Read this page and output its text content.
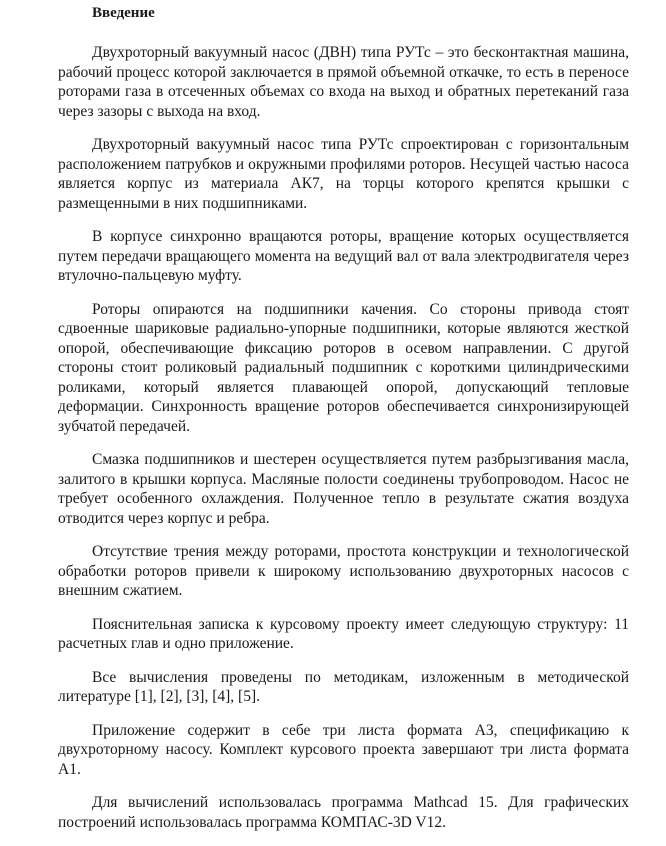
Введение

Двухроторный вакуумный насос (ДВН) типа РУТс – это бесконтактная машина, рабочий процесс которой заключается в прямой объемной откачке, то есть в переносе роторами газа в отсеченных объемах со входа на выход и обратных перетеканий газа через зазоры с выхода на вход.

Двухроторный вакуумный насос типа РУТс спроектирован с горизонтальным расположением патрубков и окружными профилями роторов. Несущей частью насоса является корпус из материала АК7, на торцы которого крепятся крышки с размещенными в них подшипниками.

В корпусе синхронно вращаются роторы, вращение которых осуществляется путем передачи вращающего момента на ведущий вал от вала электродвигателя через втулочно-пальцевую муфту.

Роторы опираются на подшипники качения. Со стороны привода стоят сдвоенные шариковые радиально-упорные подшипники, которые являются жесткой опорой, обеспечивающие фиксацию роторов в осевом направлении. С другой стороны стоит роликовый радиальный подшипник с короткими цилиндрическими роликами, который является плавающей опорой, допускающий тепловые деформации. Синхронность вращение роторов обеспечивается синхронизирующей зубчатой передачей.

Смазка подшипников и шестерен осуществляется путем разбрызгивания масла, залитого в крышки корпуса. Масляные полости соединены трубопроводом. Насос не требует особенного охлаждения. Полученное тепло в результате сжатия воздуха отводится через корпус и ребра.

Отсутствие трения между роторами, простота конструкции и технологической обработки роторов привели к широкому использованию двухроторных насосов с внешним сжатием.

Пояснительная записка к курсовому проекту имеет следующую структуру: 11 расчетных глав и одно приложение.

Все вычисления проведены по методикам, изложенным в методической литературе [1], [2], [3], [4], [5].

Приложение содержит в себе три листа формата А3, спецификацию к двухроторному насосу. Комплект курсового проекта завершают три листа формата А1.

Для вычислений использовалась программа Mathcad 15. Для графических построений использовалась программа КОМПАС-3D V12.
